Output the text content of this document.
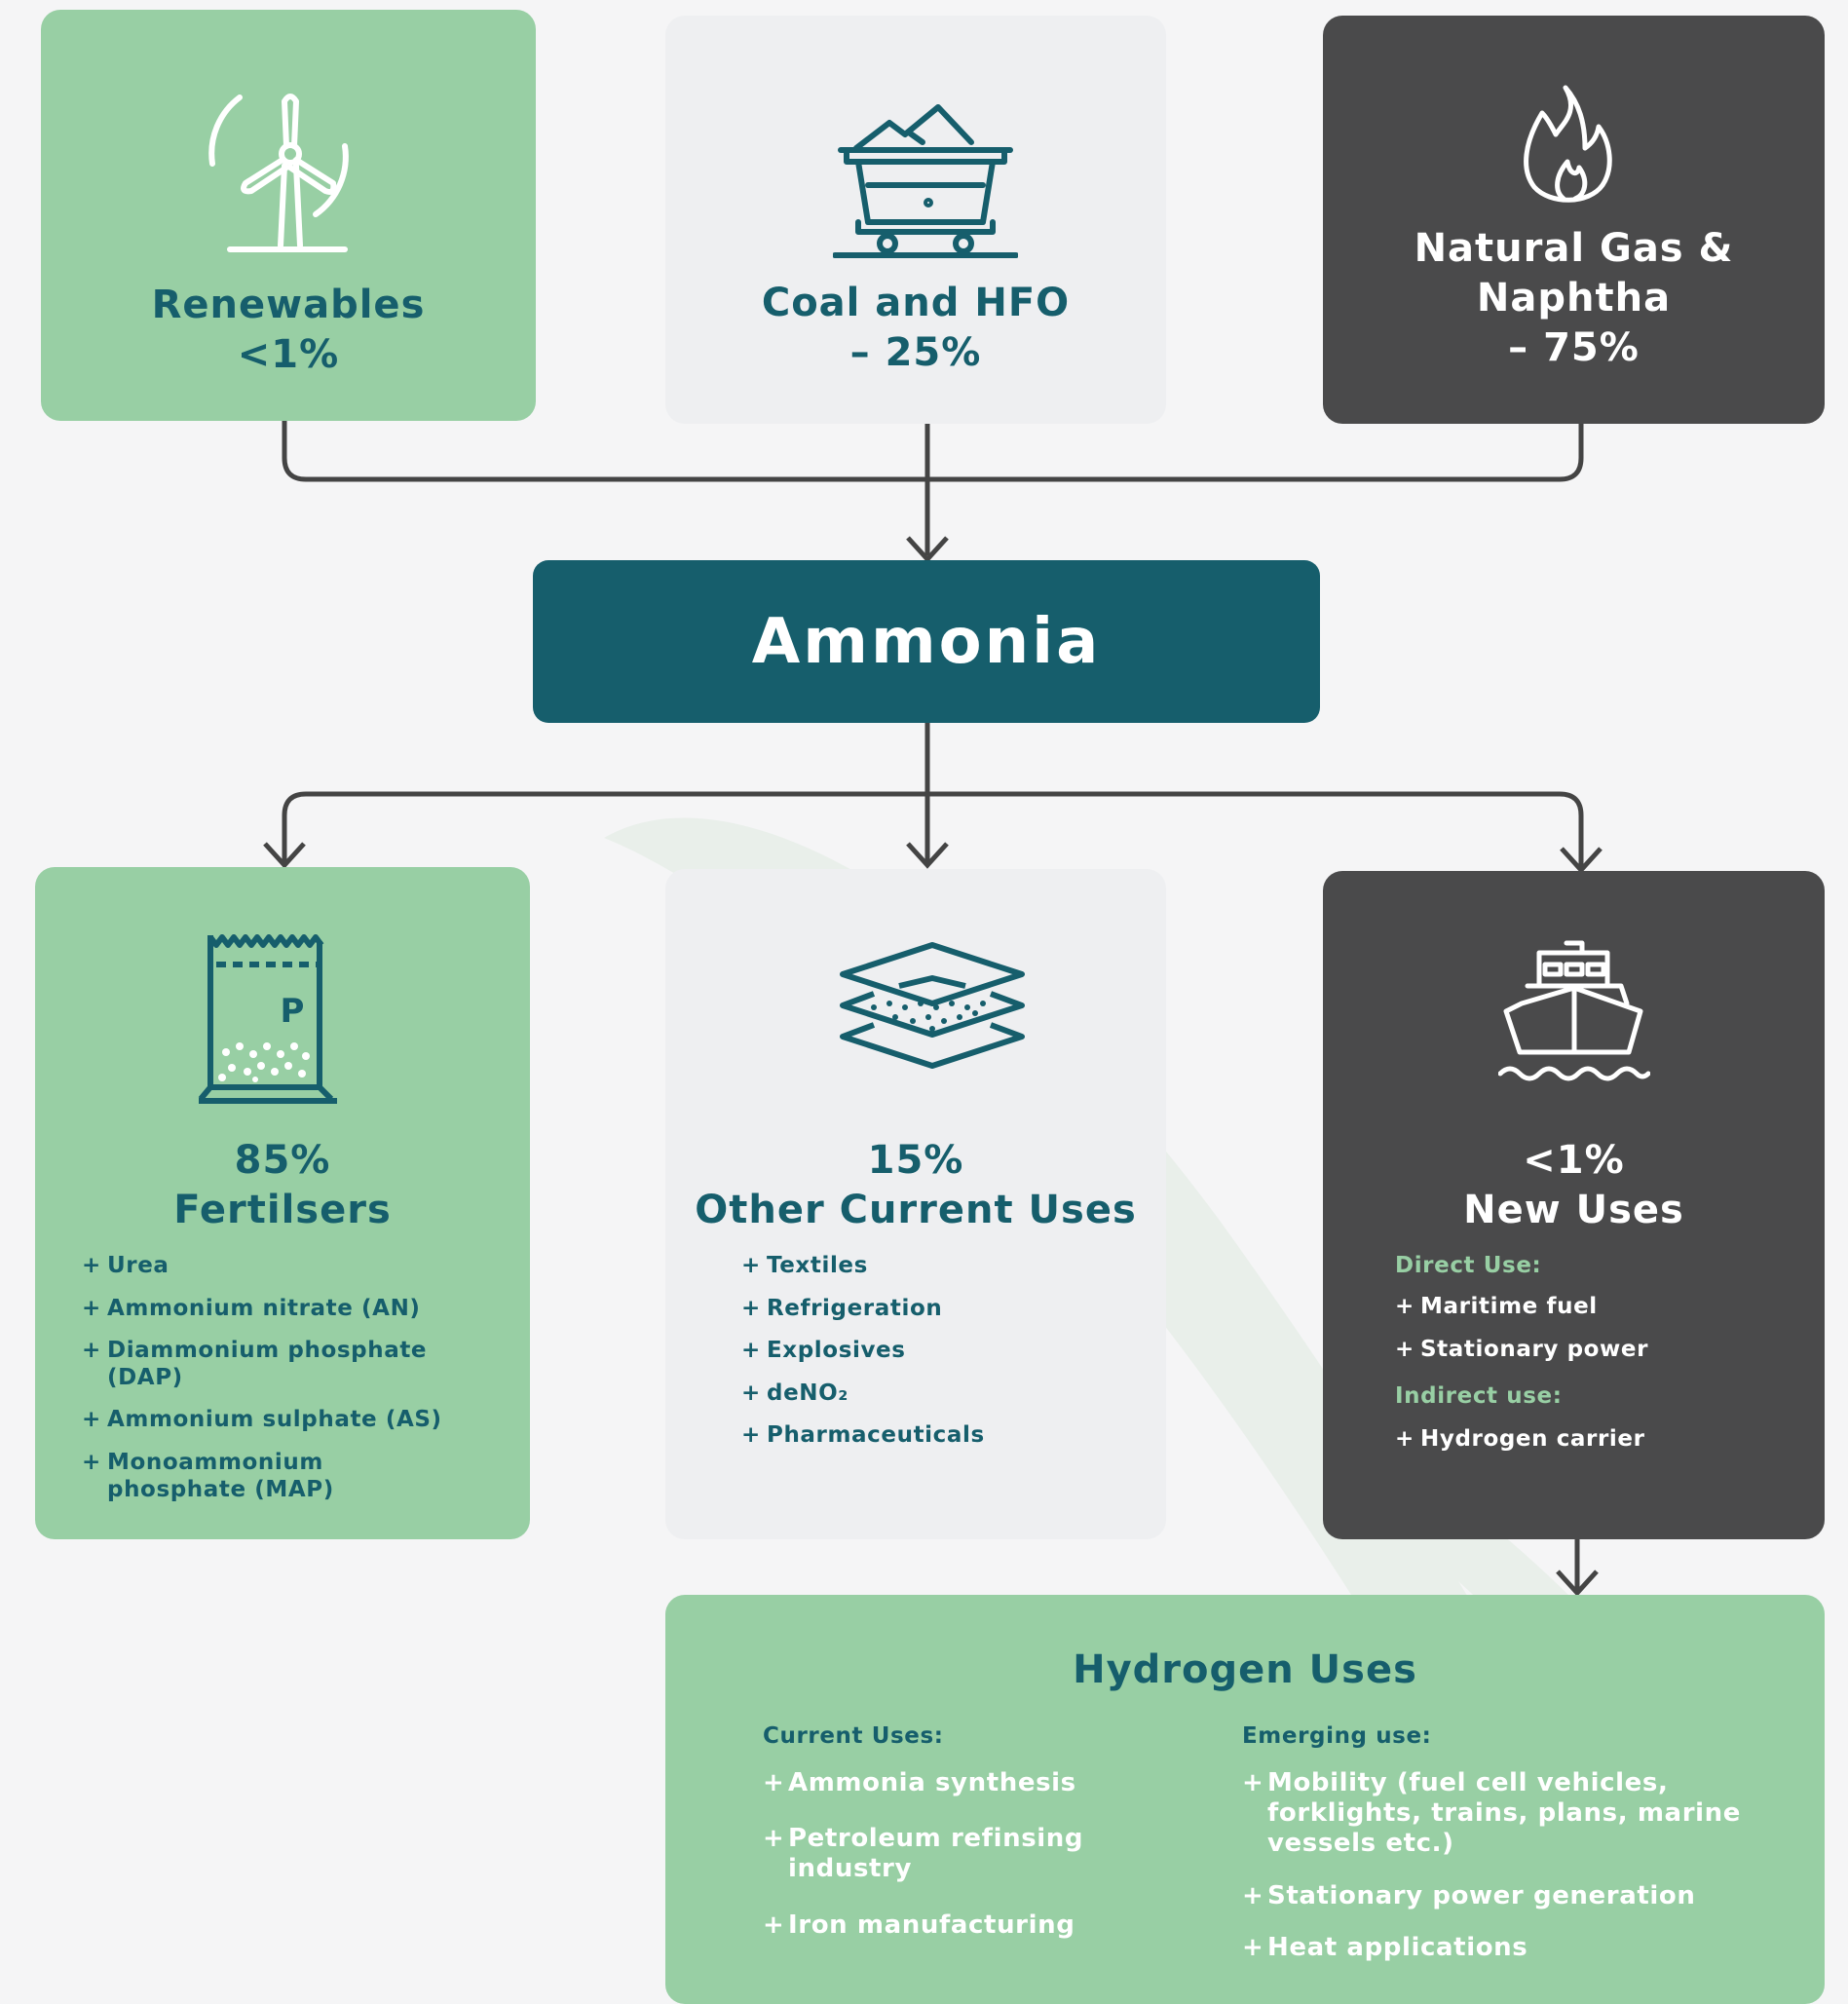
Renewables
<1%
Coal and HFO
– 25%
Natural Gas &
Naphtha
– 75%
Ammonia
P
85%
Fertilsers
+ Urea
+ Ammonium nitrate (AN)
+ Diammonium phosphate (DAP)
+ Ammonium sulphate (AS)
+ Monoammonium phosphate (MAP)
15%
Other Current Uses
+ Textiles
+ Refrigeration
+ Explosives
+ deNO₂
+ Pharmaceuticals
<1%
New Uses
Direct Use:
+ Maritime fuel
+ Stationary power
Indirect use:
+ Hydrogen carrier
Hydrogen Uses
Current Uses:
+ Ammonia synthesis
+ Petroleum refinsing industry
+ Iron manufacturing
Emerging use:
+ Mobility (fuel cell vehicles, forklights, trains, plans, marine vessels etc.)
+ Stationary power generation
+ Heat applications
